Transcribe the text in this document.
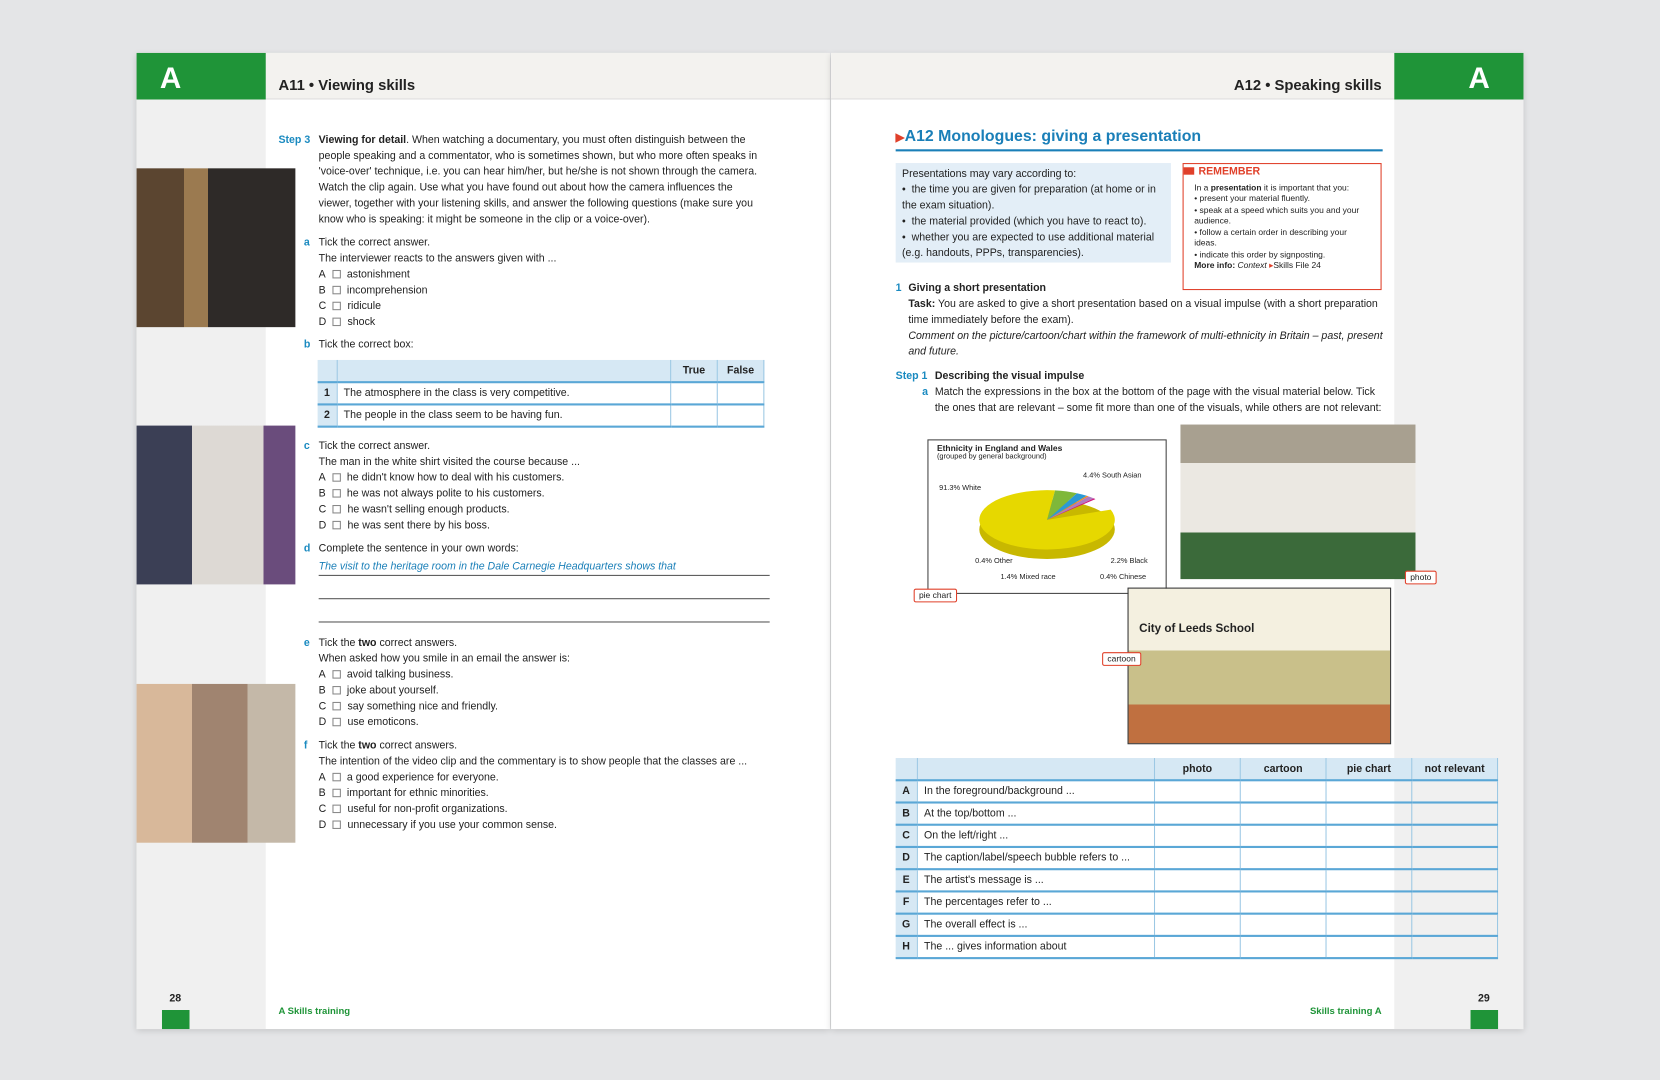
A	A11 • Viewing skills
Step 3 Viewing for detail. When watching a documentary, you must often distinguish between the people speaking and a commentator, who is sometimes shown, but who more often speaks in 'voice-over' technique, i.e. you can hear him/her, but he/she is not shown through the camera. Watch the clip again. Use what you have found out about how the camera influences the viewer, together with your listening skills, and answer the following questions (make sure you know who is speaking: it might be someone in the clip or a voice-over).
a Tick the correct answer.
The interviewer reacts to the answers given with ...
A astonishment
B incomprehension
C ridicule
D shock
b Tick the correct box:
		True	False
1	The atmosphere in the class is very competitive.		
2	The people in the class seem to be having fun.		
c Tick the correct answer.
The man in the white shirt visited the course because ...
A he didn't know how to deal with his customers.
B he was not always polite to his customers.
C he wasn't selling enough products.
D he was sent there by his boss.
d Complete the sentence in your own words:
The visit to the heritage room in the Dale Carnegie Headquarters shows that
e Tick the two correct answers.
When asked how you smile in an email the answer is:
A avoid talking business.
B joke about yourself.
C say something nice and friendly.
D use emoticons.
f Tick the two correct answers.
The intention of the video clip and the commentary is to show people that the classes are ...
A a good experience for everyone.
B important for ethnic minorities.
C useful for non-profit organizations.
D unnecessary if you use your common sense.
28
A Skills training
A
A12 • Speaking skills
▶A12 Monologues: giving a presentation
Presentations may vary according to:
•  the time you are given for preparation (at home or in the exam situation).
•  the material provided (which you have to react to).
•  whether you are expected to use additional material (e.g. handouts, PPPs, transparencies).
REMEMBER
In a presentation it is important that you:
• present your material fluently.
• speak at a speed which suits you and your audience.
• follow a certain order in describing your ideas.
• indicate this order by signposting.
More info: Context ▸Skills File 24
1 Giving a short presentation
Task: You are asked to give a short presentation based on a visual impulse (with a short preparation time immediately before the exam).
Comment on the picture/cartoon/chart within the framework of multi-ethnicity in Britain – past, present and future.
Step 1 Describing the visual impulse
a Match the expressions in the box at the bottom of the page with the visual material below. Tick the ones that are relevant – some fit more than one of the visuals, while others are not relevant:
Ethnicity in England and Wales
(grouped by general background)
91.3% White
4.4% South Asian
2.2% Black
0.4% Chinese
1.4% Mixed race
0.4% Other
pie chart
photo
City of Leeds School
cartoon
		photo	cartoon	pie chart	not relevant
A	In the foreground/background ...				
B	At the top/bottom ...				
C	On the left/right ...				
D	The caption/label/speech bubble refers to ...				
E	The artist's message is ...				
F	The percentages refer to ...				
G	The overall effect is ...				
H	The ... gives information about				
29
Skills training A
